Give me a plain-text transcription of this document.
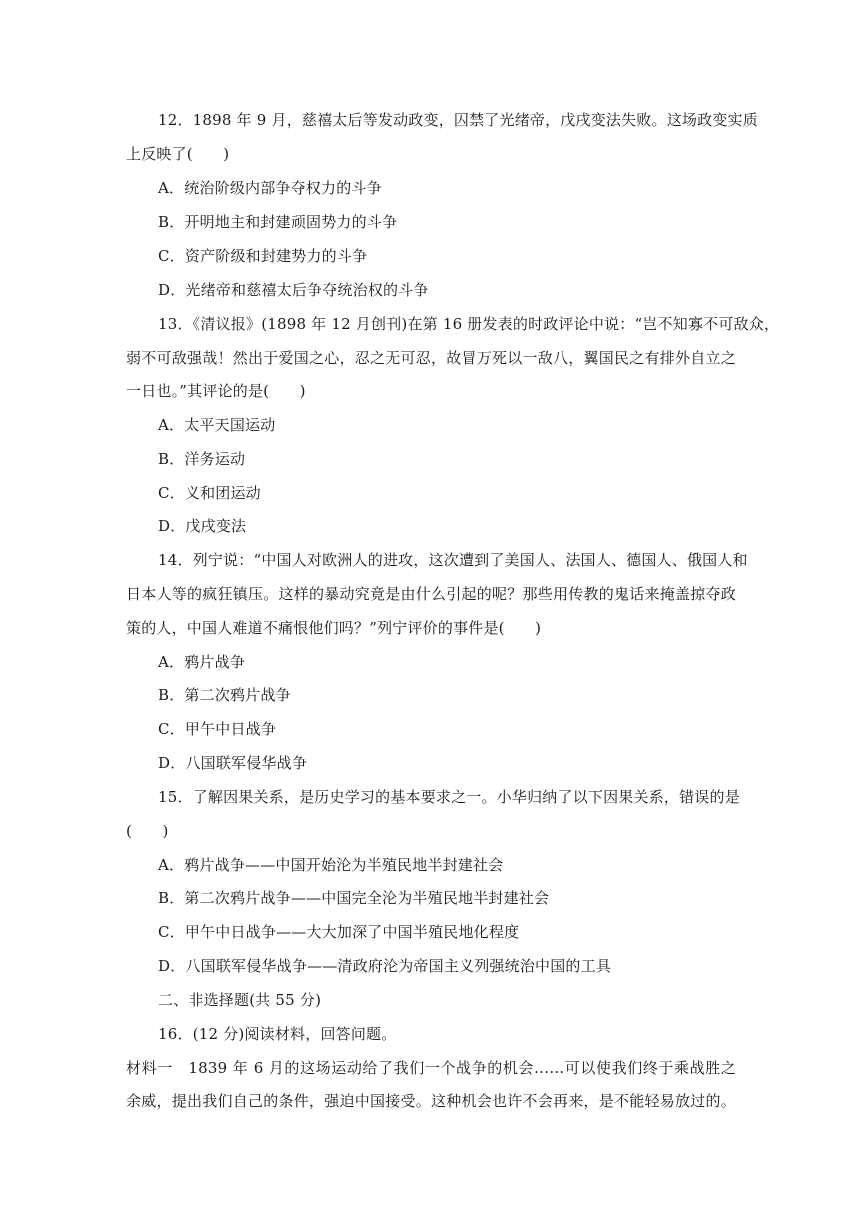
12．1898 年 9 月，慈禧太后等发动政变，囚禁了光绪帝，戊戌变法失败。这场政变实质
上反映了(　　)
A．统治阶级内部争夺权力的斗争
B．开明地主和封建顽固势力的斗争
C．资产阶级和封建势力的斗争
D．光绪帝和慈禧太后争夺统治权的斗争
13．《清议报》(1898 年 12 月创刊)在第 16 册发表的时政评论中说：“岂不知寡不可敌众，
弱不可敌强哉！然出于爱国之心，忍之无可忍，故冒万死以一敌八，翼国民之有排外自立之
一日也。”其评论的是(　　)
A．太平天国运动
B．洋务运动
C．义和团运动
D．戊戌变法
14．列宁说：“中国人对欧洲人的进攻，这次遭到了美国人、法国人、德国人、俄国人和
日本人等的疯狂镇压。这样的暴动究竟是由什么引起的呢？那些用传教的鬼话来掩盖掠夺政
策的人，中国人难道不痛恨他们吗？”列宁评价的事件是(　　)
A．鸦片战争
B．第二次鸦片战争
C．甲午中日战争
D．八国联军侵华战争
15．了解因果关系，是历史学习的基本要求之一。小华归纳了以下因果关系，错误的是
(　　)
A．鸦片战争——中国开始沦为半殖民地半封建社会
B．第二次鸦片战争——中国完全沦为半殖民地半封建社会
C．甲午中日战争——大大加深了中国半殖民地化程度
D．八国联军侵华战争——清政府沦为帝国主义列强统治中国的工具
二、非选择题(共 55 分)
16．(12 分)阅读材料，回答问题。
材料一　1839 年 6 月的这场运动给了我们一个战争的机会……可以使我们终于乘战胜之
余威，提出我们自己的条件，强迫中国接受。这种机会也许不会再来，是不能轻易放过的。
